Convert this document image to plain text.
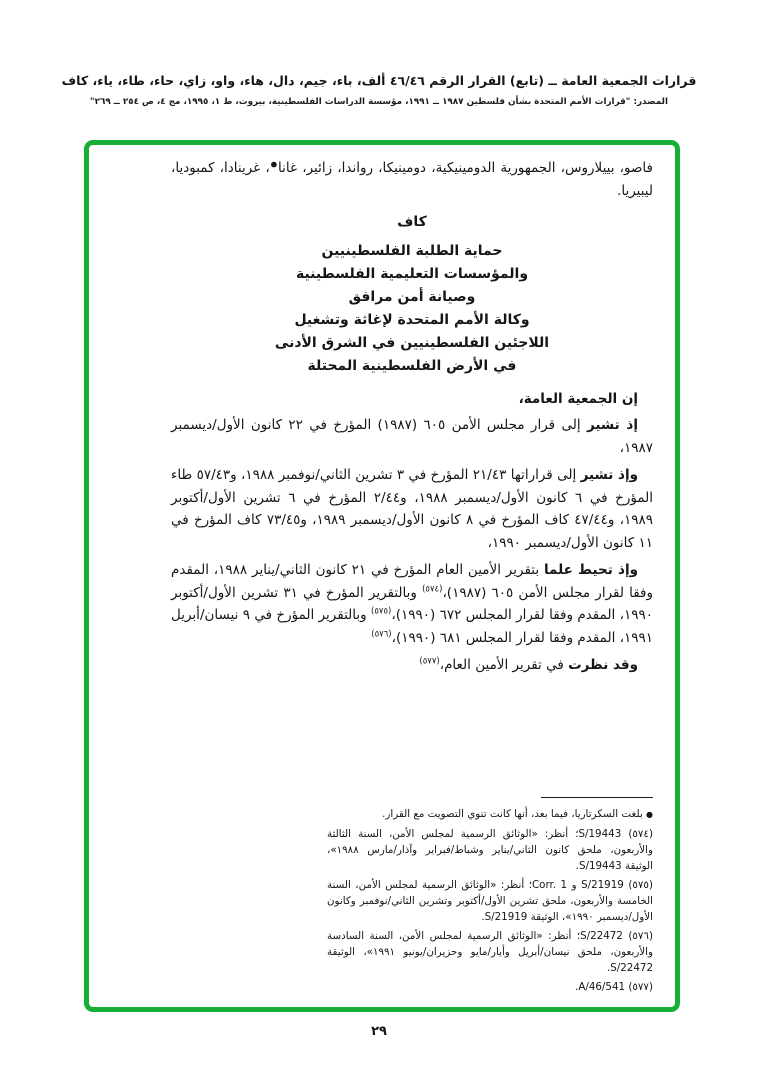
قرارات الجمعية العامة ــ (تابع) القرار الرقم ٤٦/٤٦ ألف، باء، جيم، دال، هاء، واو، زاي، حاء، طاء، ياء، كاف
المصدر: "قرارات الأمم المتحدة بشأن فلسطين ١٩٨٧ ــ ١٩٩١، مؤسسة الدراسات الفلسطينية، بيروت، ط ١، ١٩٩٥، مج ٤، ص ٢٥٤ ــ ٢٦٩"

فاصو، بييلاروس، الجمهورية الدومينيكية، دومينيكا، رواندا، زائير، غانا●، غرينادا، كمبوديا، ليبيريا.

كاف
حماية الطلبة الفلسطينيين
والمؤسسات التعليمية الفلسطينية
وصيانة أمن مرافق
وكالة الأمم المتحدة لإغاثة وتشغيل
اللاجئين الفلسطينيين في الشرق الأدنى
في الأرض الفلسطينية المحتلة

إن الجمعية العامة،

إذ تشير إلى قرار مجلس الأمن ٦٠٥ (١٩٨٧) المؤرخ في ٢٢ كانون الأول/ديسمبر ١٩٨٧،

وإذ تشير إلى قراراتها ٤٣/‏٢١ المؤرخ في ٣ تشرين الثاني/نوفمبر ١٩٨٨، و٤٣/‏٥٧ طاء المؤرخ في ٦ كانون الأول/ديسمبر ١٩٨٨، و٤٤/‏٢ المؤرخ في ٦ تشرين الأول/أكتوبر ١٩٨٩، و٤٤/‏٤٧ كاف المؤرخ في ٨ كانون الأول/ديسمبر ١٩٨٩، و٤٥/‏٧٣ كاف المؤرخ في ١١ كانون الأول/ديسمبر ١٩٩٠،

وإذ تحيط علما بتقرير الأمين العام المؤرخ في ٢١ كانون الثاني/يناير ١٩٨٨، المقدم وفقا لقرار مجلس الأمن ٦٠٥ (١٩٨٧)،$^{(٥٧٤)}$ وبالتقرير المؤرخ في ٣١ تشرين الأول/أكتوبر ١٩٩٠، المقدم وفقا لقرار المجلس ٦٧٢ (١٩٩٠)،$^{(٥٧٥)}$ وبالتقرير المؤرخ في ٩ نيسان/أبريل ١٩٩١، المقدم وفقا لقرار المجلس ٦٨١ (١٩٩٠)،$^{(٥٧٦)}$

وقد نظرت في تقرير الأمين العام،$^{(٥٧٧)}$

● بلغت السكرتاريا، فيما بعد، أنها كانت تنوي التصويت مع القرار.

(٥٧٤) S/19443؛ أنظر: «الوثائق الرسمية لمجلس الأمن، السنة الثالثة والأربعون، ملحق كانون الثاني/يناير وشباط/فبراير وآذار/مارس ١٩٨٨»، الوثيقة S/19443.

(٥٧٥) S/21919 و Corr. 1؛ أنظر: «الوثائق الرسمية لمجلس الأمن، السنة الخامسة والأربعون، ملحق تشرين الأول/أكتوبر وتشرين الثاني/نوفمبر وكانون الأول/ديسمبر ١٩٩٠»، الوثيقة S/21919.

(٥٧٦) S/22472؛ أنظر: «الوثائق الرسمية لمجلس الأمن، السنة السادسة والأربعون، ملحق نيسان/أبريل وأيار/مايو وحزيران/يونيو ١٩٩١»، الوثيقة S/22472.

(٥٧٧) A/46/541.

٢٩
